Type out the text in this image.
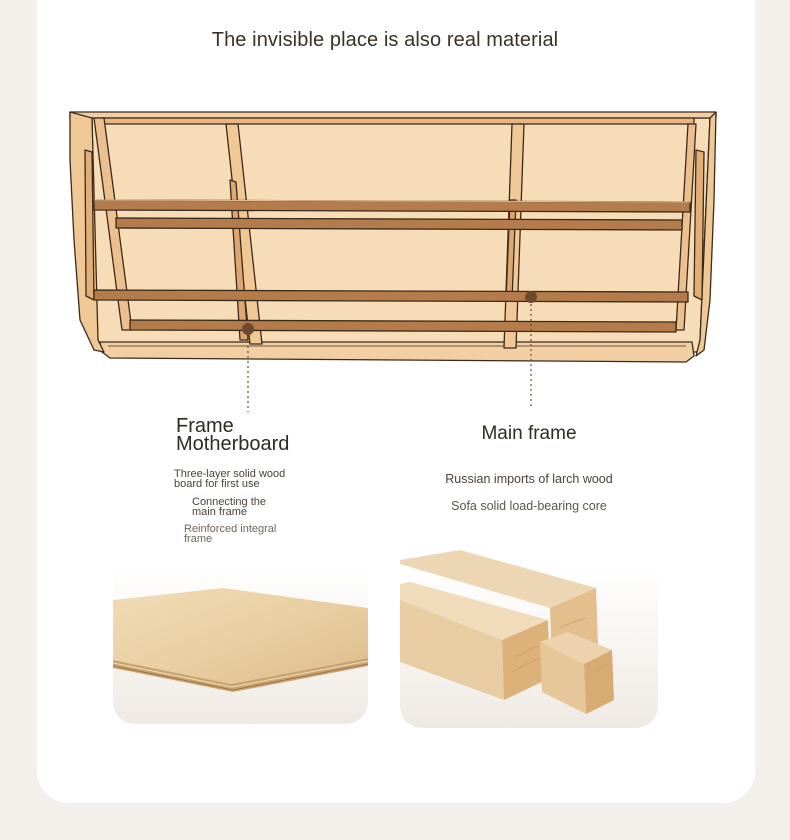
The invisible place is also real material
Frame
Motherboard
Three-layer solid wood
board for first use
Connecting the
main frame
Reinforced integral
frame
Main frame
Russian imports of larch wood
Sofa solid load-bearing core
